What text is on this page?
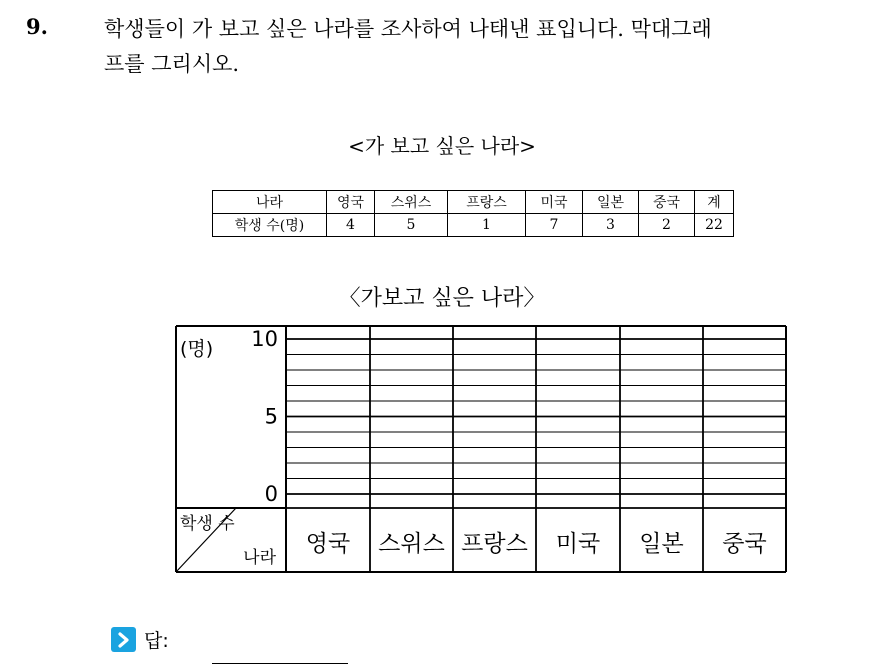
9.	학생들이 가 보고 싶은 나라를 조사하여 나태낸 표입니다. 막대그래
프를 그리시오.
<가 보고 싶은 나라>
나라	영국	스위스	프랑스	미국	일본	중국	계
학생 수(명)	4	5	1	7	3	2	22
〈가보고 싶은 나라〉
(명) 10
5
0
학생 수
나라
영국 스위스 프랑스 미국 일본 중국
답:
